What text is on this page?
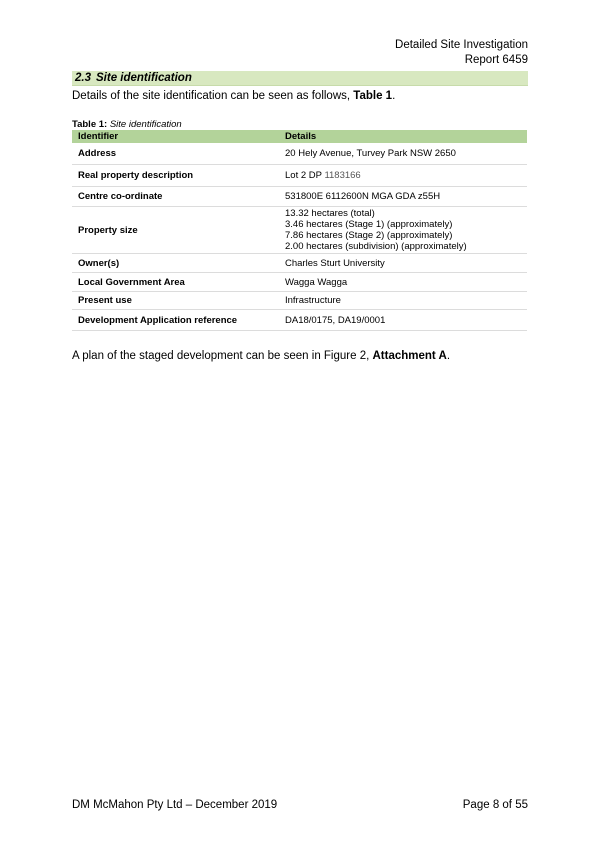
Detailed Site Investigation
Report 6459
2.3 Site identification
Details of the site identification can be seen as follows, Table 1.
Table 1: Site identification
Identifier	Details
Address	20 Hely Avenue, Turvey Park NSW 2650
Real property description	Lot 2 DP 1183166
Centre co-ordinate	531800E 6112600N MGA GDA z55H
Property size	13.32 hectares (total)
3.46 hectares (Stage 1) (approximately)
7.86 hectares (Stage 2) (approximately)
2.00 hectares (subdivision) (approximately)

Owner(s)	Charles Sturt University
Local Government Area	Wagga Wagga
Present use	Infrastructure
Development Application reference	DA18/0175, DA19/0001
A plan of the staged development can be seen in Figure 2, Attachment A.
DM McMahon Pty Ltd – December 2019	Page 8 of 55
